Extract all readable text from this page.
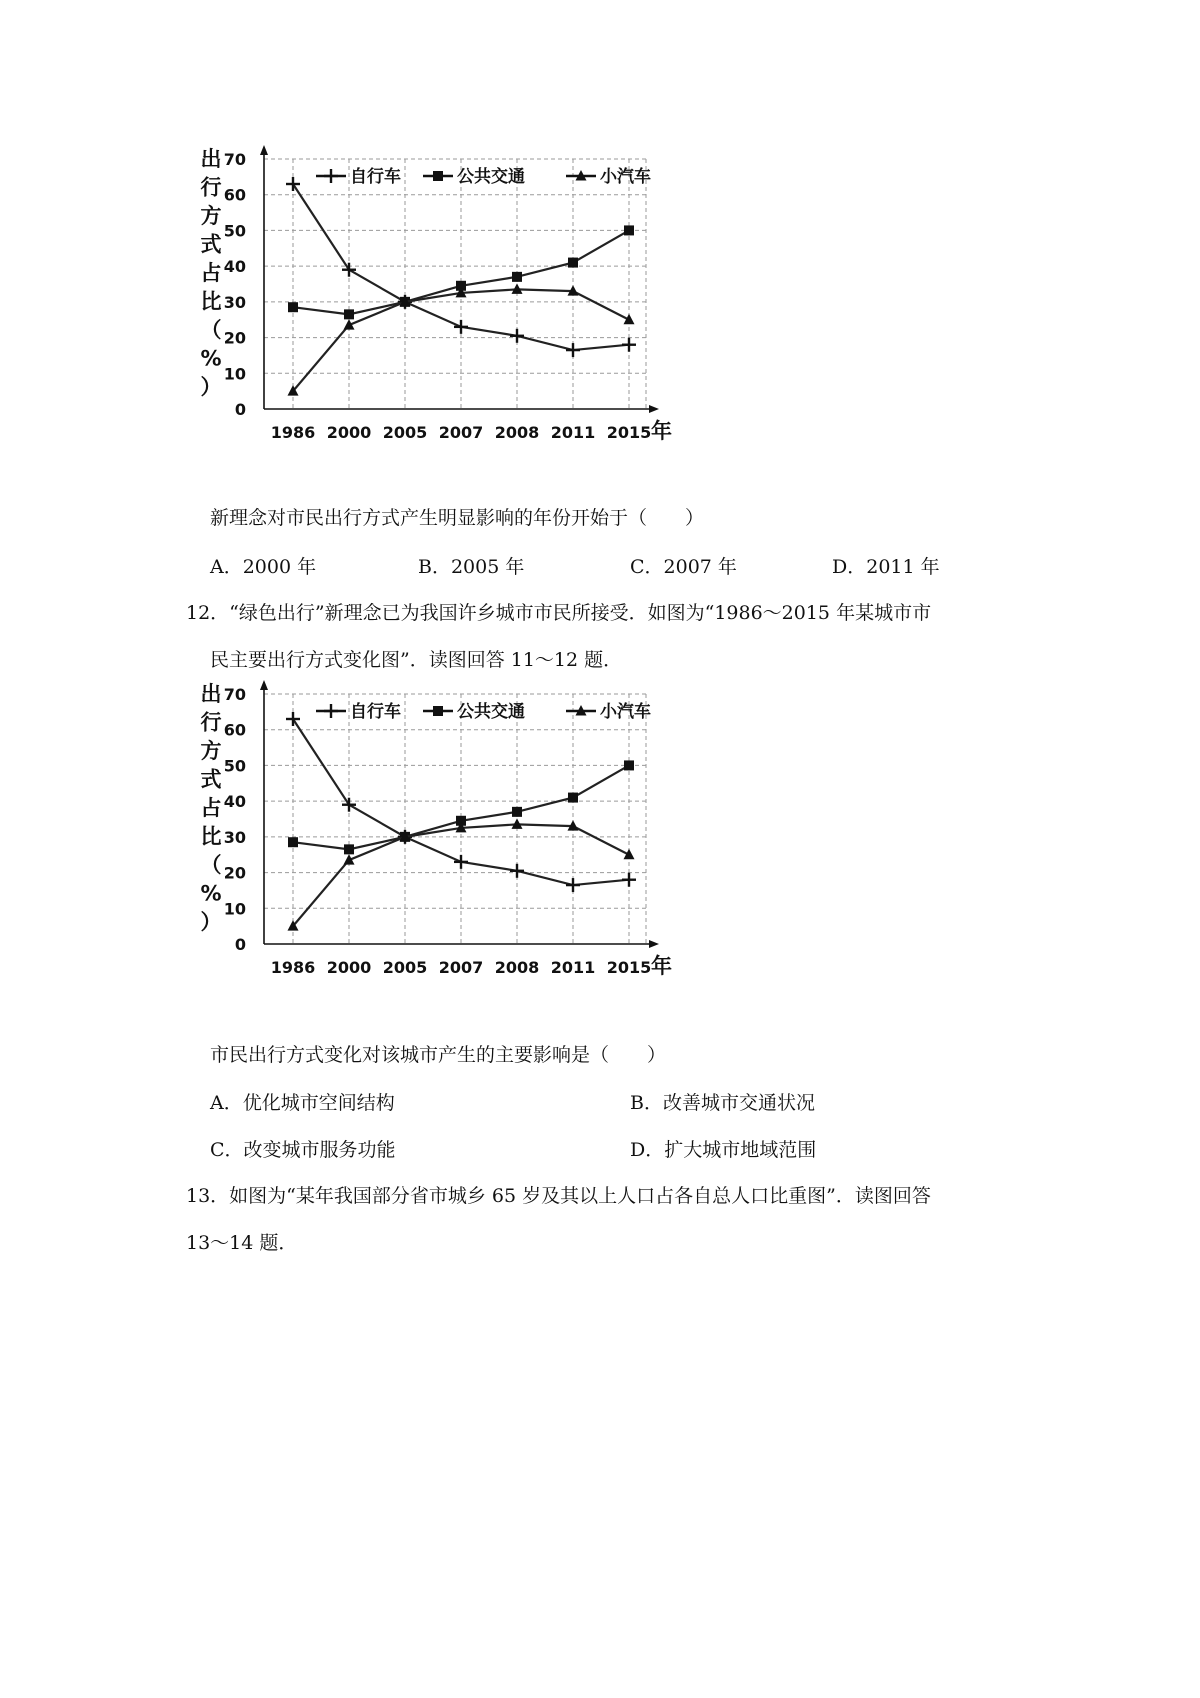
0
10
20
30
40
50
60
70
1986 2000 2005 2007 2008 2011 2015 年
出
行
方
式
占
比
（
%
）
自行车	公共交通	小汽车
新理念对市民出行方式产生明显影响的年份开始于（　　）
A．2000 年	B．2005 年	C．2007 年	D．2011 年
12．“绿色出行”新理念已为我国许乡城市市民所接受．如图为“1986～2015 年某城市市
民主要出行方式变化图”．读图回答 11～12 题．
0
10
20
30
40
50
60
70
1986 2000 2005 2007 2008 2011 2015 年
出
行
方
式
占
比
（
%
）
自行车	公共交通	小汽车
市民出行方式变化对该城市产生的主要影响是（　　）
A．优化城市空间结构	B．改善城市交通状况
C．改变城市服务功能	D．扩大城市地域范围
13．如图为“某年我国部分省市城乡 65 岁及其以上人口占各自总人口比重图”．读图回答
13～14 题．
